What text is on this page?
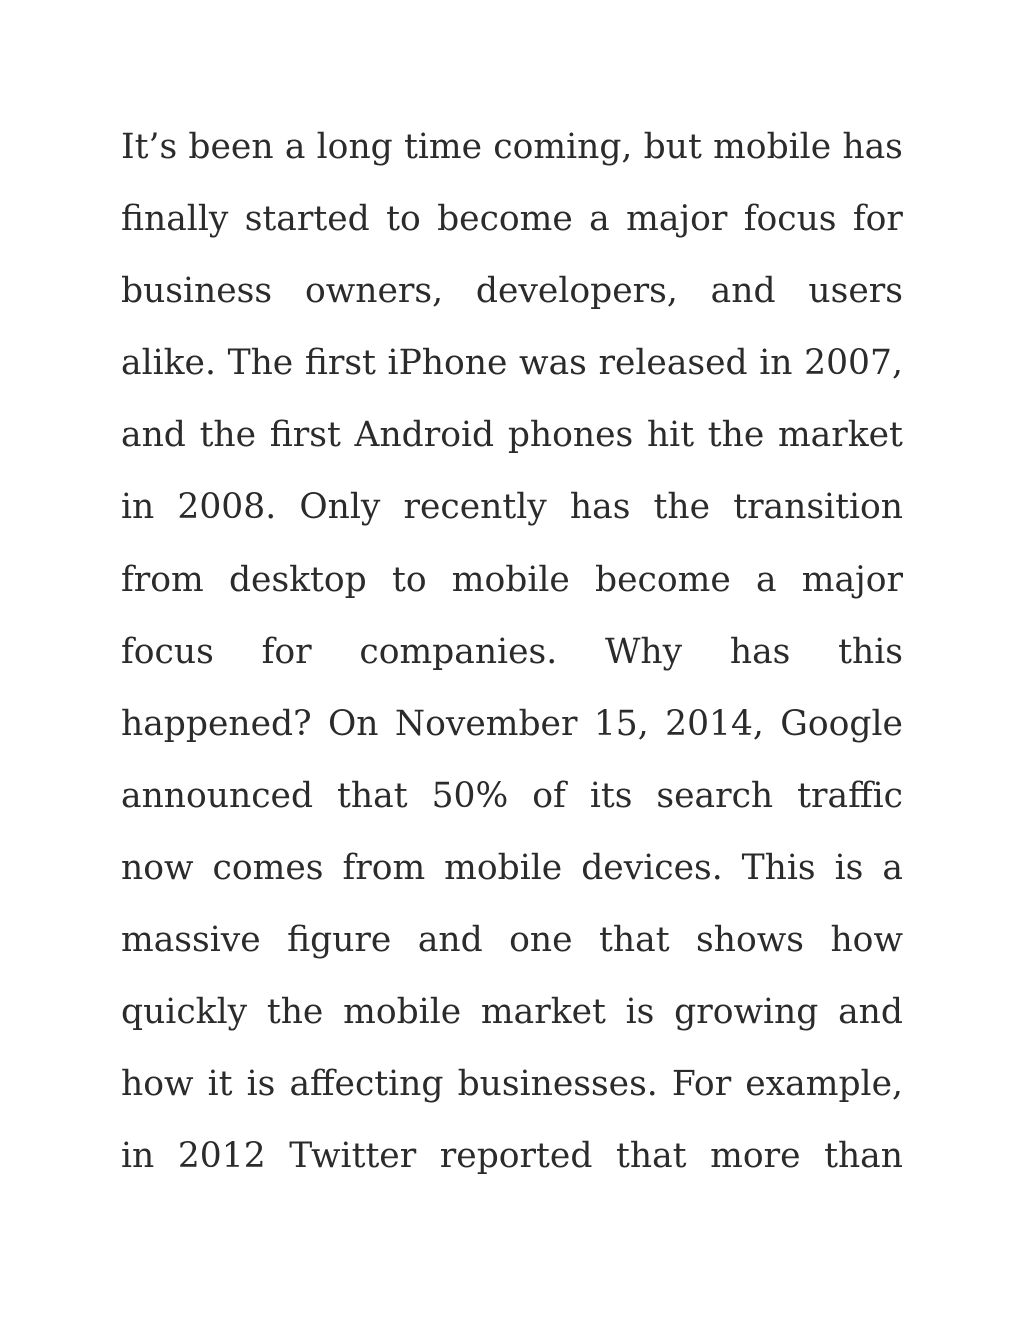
It’s been a long time coming, but mobile has
finally started to become a major focus for
business owners, developers, and users
alike. The first iPhone was released in 2007,
and the first Android phones hit the market
in 2008. Only recently has the transition
from desktop to mobile become a major
focus for companies. Why has this
happened? On November 15, 2014, Google
announced that 50% of its search traffic
now comes from mobile devices. This is a
massive figure and one that shows how
quickly the mobile market is growing and
how it is affecting businesses. For example,
in 2012 Twitter reported that more than
